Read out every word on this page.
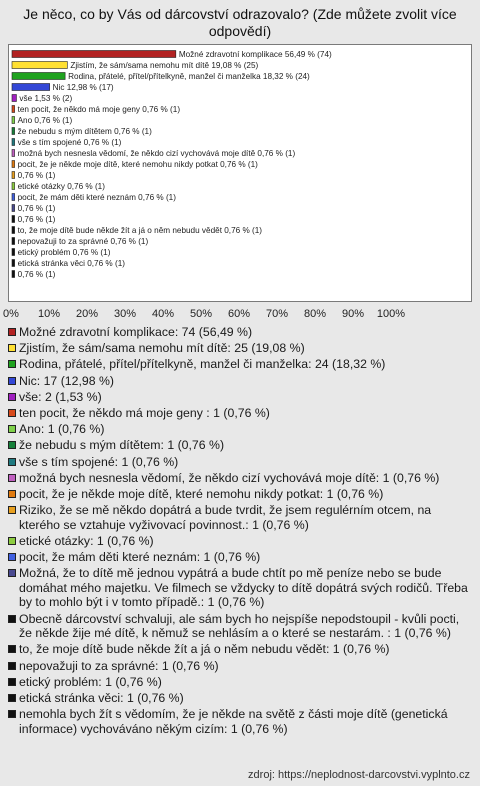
Je něco, co by Vás od dárcovství odrazovalo? (Zde můžete zvolit více odpovědí)
Možné zdravotní komplikace 56,49 % (74)
Zjistím, že sám/sama nemohu mít dítě 19,08 % (25)
Rodina, přátelé, přítel/přítelkyně, manžel či manželka 18,32 % (24)
Nic 12,98 % (17)
vše 1,53 % (2)
ten pocit, že někdo má moje geny 0,76 % (1)
Ano 0,76 % (1)
že nebudu s mým dítětem 0,76 % (1)
vše s tím spojené 0,76 % (1)
možná bych nesnesla vědomí, že někdo cizí vychovává moje dítě 0,76 % (1)
pocit, že je někde moje dítě, které nemohu nikdy potkat 0,76 % (1)
0,76 % (1)
etické otázky 0,76 % (1)
pocit, že mám děti které neznám 0,76 % (1)
0,76 % (1)
0,76 % (1)
to, že moje dítě bude někde žít a já o něm nebudu vědět 0,76 % (1)
nepovažuji to za správné 0,76 % (1)
etický problém 0,76 % (1)
etická stránka věci 0,76 % (1)
0,76 % (1)
0% 10% 20% 30% 40% 50% 60% 70% 80% 90% 100%
Možné zdravotní komplikace: 74 (56,49 %)
Zjistím, že sám/sama nemohu mít dítě: 25 (19,08 %)
Rodina, přátelé, přítel/přítelkyně, manžel či manželka: 24 (18,32 %)
Nic: 17 (12,98 %)
vše: 2 (1,53 %)
ten pocit, že někdo má moje geny : 1 (0,76 %)
Ano: 1 (0,76 %)
že nebudu s mým dítětem: 1 (0,76 %)
vše s tím spojené: 1 (0,76 %)
možná bych nesnesla vědomí, že někdo cizí vychovává moje dítě: 1 (0,76 %)
pocit, že je někde moje dítě, které nemohu nikdy potkat: 1 (0,76 %)
Riziko, že se mě někdo dopátrá a bude tvrdit, že jsem regulérním otcem, na kterého se vztahuje vyživovací povinnost.: 1 (0,76 %)
etické otázky: 1 (0,76 %)
pocit, že mám děti které neznám: 1 (0,76 %)
Možná, že to dítě mě jednou vypátrá a bude chtít po mě peníze nebo se bude domáhat mého majetku. Ve filmech se vždycky to dítě dopátrá svých rodičů. Třeba by to mohlo být i v tomto případě.: 1 (0,76 %)
Obecně dárcovství schvaluji, ale sám bych ho nejspíše nepodstoupil - kvůli pocti, že někde žije mé dítě, k němuž se nehlásím a o které se nestarám. : 1 (0,76 %)
to, že moje dítě bude někde žít a já o něm nebudu vědět: 1 (0,76 %)
nepovažuji to za správné: 1 (0,76 %)
etický problém: 1 (0,76 %)
etická stránka věci: 1 (0,76 %)
nemohla bych žít s vědomím, že je někde na světě z části moje dítě (genetická informace) vychováváno někým cizím: 1 (0,76 %)
zdroj: https://neplodnost-darcovstvi.vyplnto.cz
